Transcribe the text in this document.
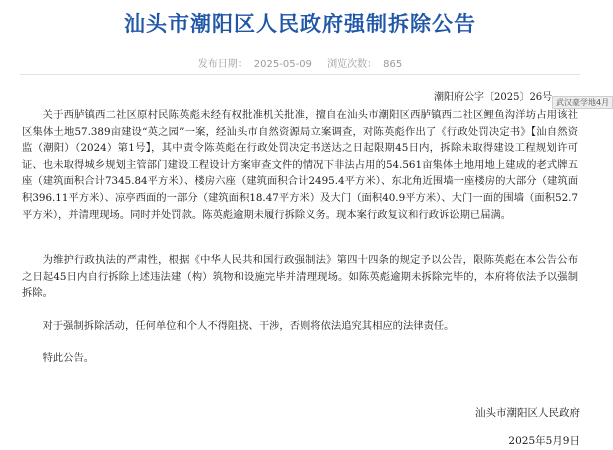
汕头市潮阳区人民政府强制拆除公告
发布日期： 2025-05-09 浏览次数： 865
潮阳府公字〔2025〕26号 武汉豪学地4月

关于西胪镇西二社区原村民陈英彪未经有权批准机关批准，擅自在汕头市潮阳区西胪镇西二社区鲤鱼沟洋坊占用该社区集体土地57.389亩建设“英之园”一案，经汕头市自然资源局立案调查，对陈英彪作出了《行政处罚决定书》【汕自然资监（潮阳）（2024）第1号】，其中责令陈英彪在行政处罚决定书送达之日起限期45日内，拆除未取得建设工程规划许可证、也未取得城乡规划主管部门建设工程设计方案审查文件的情况下非法占用的54.561亩集体土地用地上建成的老式牌五座（建筑面积合计7345.84平方米）、楼房六座（建筑面积合计2495.4平方米）、东北角近围墙一座楼房的大部分（建筑面积396.11平方米）、凉亭西面的一部分（建筑面积18.47平方米）及大门（面积40.9平方米）、大门一面的围墙（面积52.7平方米），并清理现场。同时并处罚款。陈英彪逾期未履行拆除义务。现本案行政复议和行政诉讼期已届满。

为维护行政执法的严肃性，根据《中华人民共和国行政强制法》第四十四条的规定予以公告，限陈英彪在本公告公布之日起45日内自行拆除上述违法建（构）筑物和设施完毕并清理现场。如陈英彪逾期未拆除完毕的，本府将依法予以强制拆除。

对于强制拆除活动，任何单位和个人不得阻挠、干涉，否则将依法追究其相应的法律责任。

特此公告。

汕头市潮阳区人民政府
2025年5月9日
